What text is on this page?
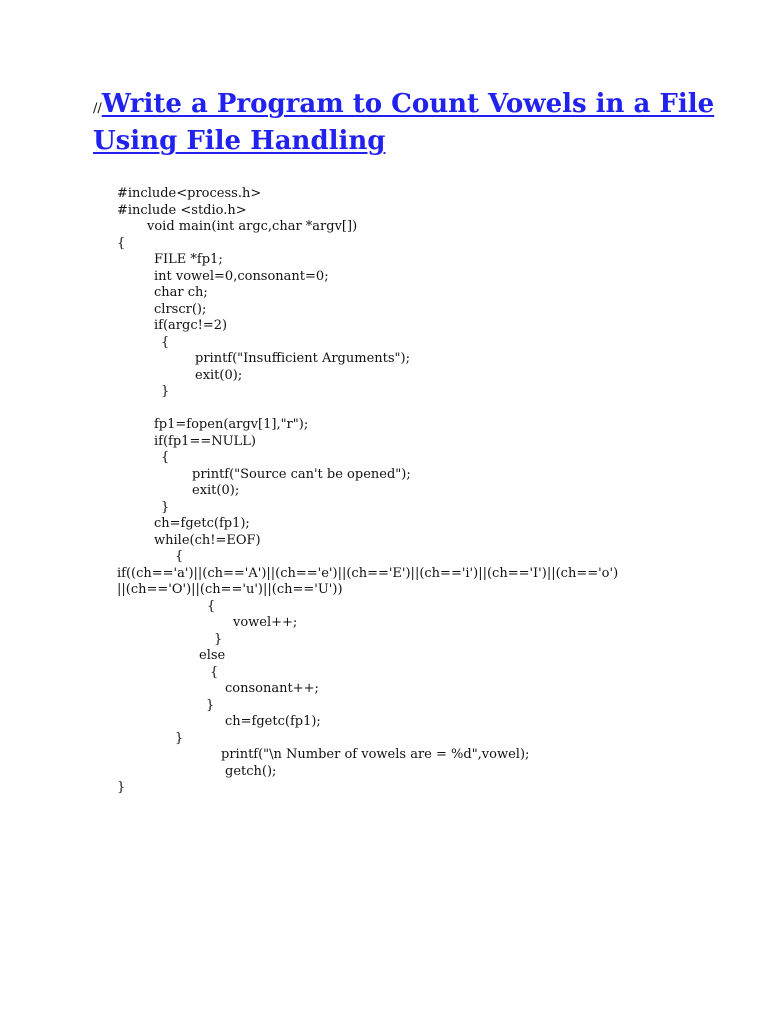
//Write a Program to Count Vowels in a File Using File Handling
#include<process.h>
#include <stdio.h>
void main(int argc,char *argv[])
{
FILE *fp1;
int vowel=0,consonant=0;
char ch;
clrscr();
if(argc!=2)
{
printf("Insufficient Arguments");
exit(0);
}
fp1=fopen(argv[1],"r");
if(fp1==NULL)
{
printf("Source can't be opened");
exit(0);
}
ch=fgetc(fp1);
while(ch!=EOF)
{
if((ch=='a')||(ch=='A')||(ch=='e')||(ch=='E')||(ch=='i')||(ch=='I')||(ch=='o')
||(ch=='O')||(ch=='u')||(ch=='U'))
{
vowel++;
}
else
{
consonant++;
}
ch=fgetc(fp1);
}
printf("\n Number of vowels are = %d",vowel);
getch();
}
